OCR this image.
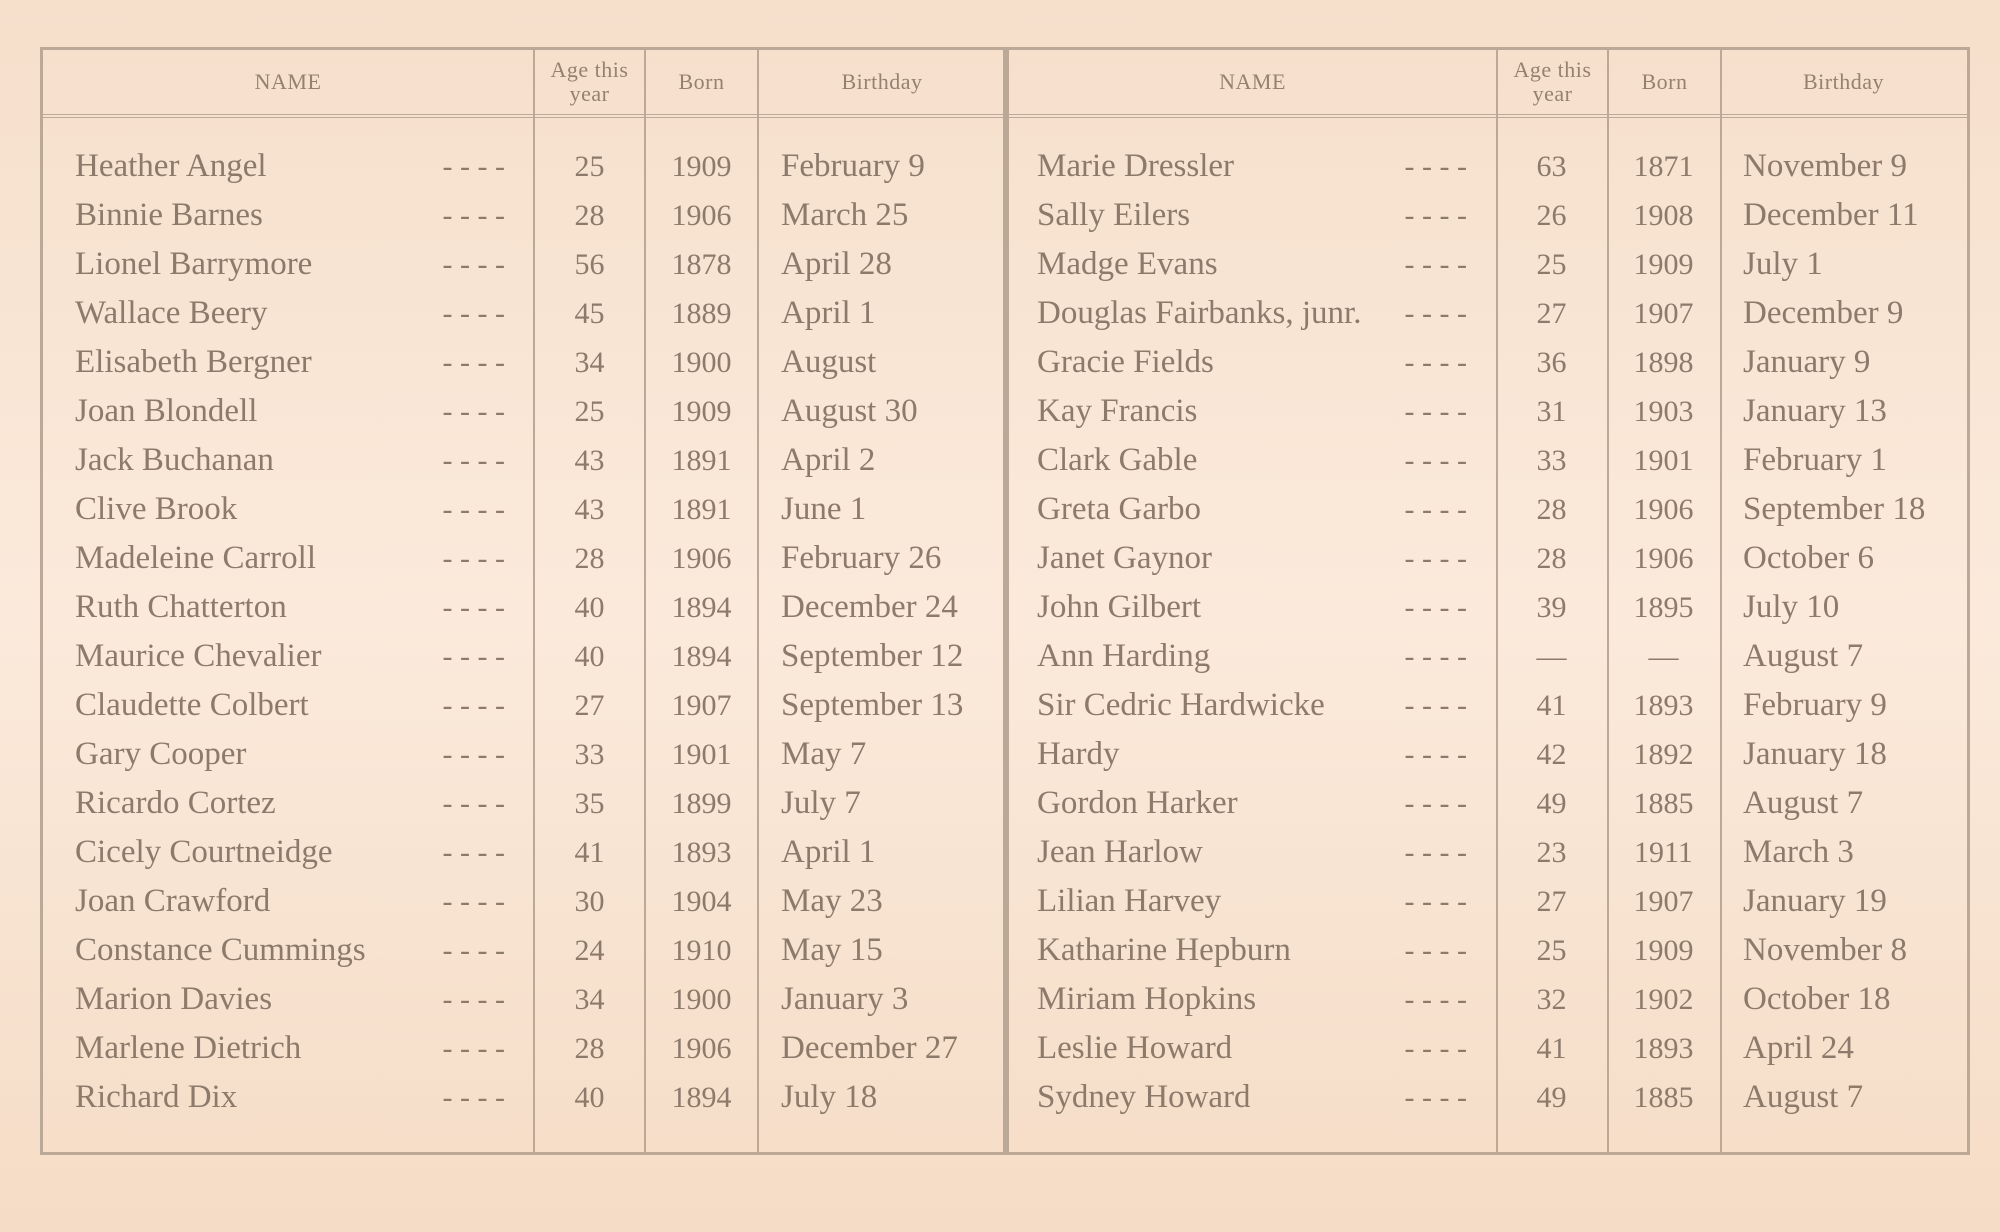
NAME	Age this year	Born	Birthday
Heather Angel	- - - -	25	1909	February 9
Binnie Barnes	- - - -	28	1906	March 25
Lionel Barrymore	- - - -	56	1878	April 28
Wallace Beery	- - - -	45	1889	April 1
Elisabeth Bergner	- - - -	34	1900	August
Joan Blondell	- - - -	25	1909	August 30
Jack Buchanan	- - - -	43	1891	April 2
Clive Brook	- - - -	43	1891	June 1
Madeleine Carroll	- - - -	28	1906	February 26
Ruth Chatterton	- - - -	40	1894	December 24
Maurice Chevalier	- - - -	40	1894	September 12
Claudette Colbert	- - - -	27	1907	September 13
Gary Cooper	- - - -	33	1901	May 7
Ricardo Cortez	- - - -	35	1899	July 7
Cicely Courtneidge	- - - -	41	1893	April 1
Joan Crawford	- - - -	30	1904	May 23
Constance Cummings	- - - -	24	1910	May 15
Marion Davies	- - - -	34	1900	January 3
Marlene Dietrich	- - - -	28	1906	December 27
Richard Dix	- - - -	40	1894	July 18
NAME	Age this year	Born	Birthday
Marie Dressler	- - - -	63	1871	November 9
Sally Eilers	- - - -	26	1908	December 11
Madge Evans	- - - -	25	1909	July 1
Douglas Fairbanks, junr.	- - - -	27	1907	December 9
Gracie Fields	- - - -	36	1898	January 9
Kay Francis	- - - -	31	1903	January 13
Clark Gable	- - - -	33	1901	February 1
Greta Garbo	- - - -	28	1906	September 18
Janet Gaynor	- - - -	28	1906	October 6
John Gilbert	- - - -	39	1895	July 10
Ann Harding	- - - -	—	—	August 7
Sir Cedric Hardwicke	- - - -	41	1893	February 9
Hardy	- - - -	42	1892	January 18
Gordon Harker	- - - -	49	1885	August 7
Jean Harlow	- - - -	23	1911	March 3
Lilian Harvey	- - - -	27	1907	January 19
Katharine Hepburn	- - - -	25	1909	November 8
Miriam Hopkins	- - - -	32	1902	October 18
Leslie Howard	- - - -	41	1893	April 24
Sydney Howard	- - - -	49	1885	August 7
